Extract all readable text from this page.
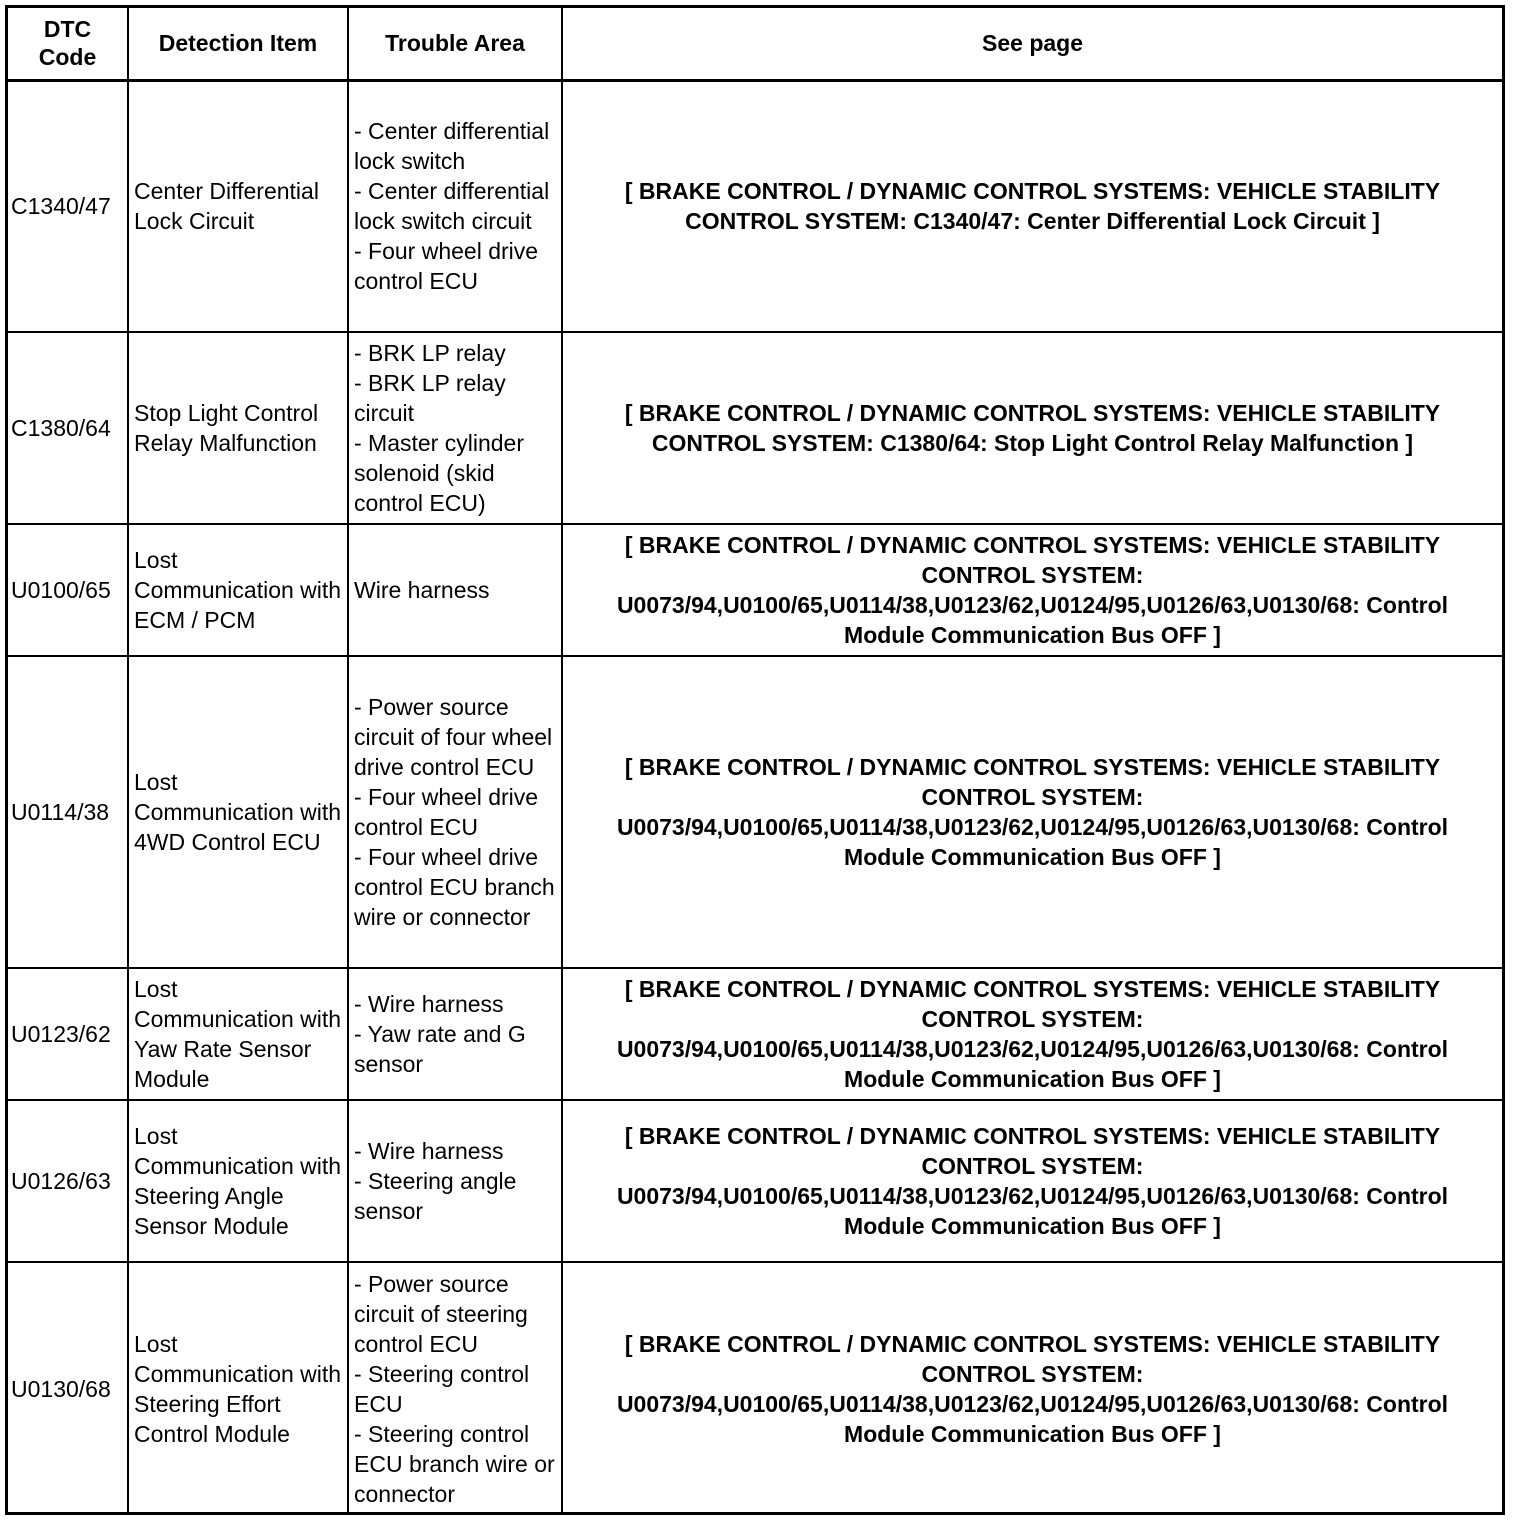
DTC
Code	Detection Item	Trouble Area	See page
C1340/47	Center Differential Lock Circuit	- Center differential lock switch
- Center differential lock switch circuit
- Four wheel drive control ECU	[ BRAKE CONTROL / DYNAMIC CONTROL SYSTEMS: VEHICLE STABILITY CONTROL SYSTEM: C1340/47: Center Differential Lock Circuit ]
C1380/64	Stop Light Control Relay Malfunction	- BRK LP relay
- BRK LP relay circuit
- Master cylinder solenoid (skid control ECU)	[ BRAKE CONTROL / DYNAMIC CONTROL SYSTEMS: VEHICLE STABILITY CONTROL SYSTEM: C1380/64: Stop Light Control Relay Malfunction ]
U0100/65	Lost Communication with ECM / PCM	Wire harness	[ BRAKE CONTROL / DYNAMIC CONTROL SYSTEMS: VEHICLE STABILITY CONTROL SYSTEM: U0073/94,U0100/65,U0114/38,U0123/62,U0124/95,U0126/63,U0130/68: Control Module Communication Bus OFF ]
U0114/38	Lost Communication with 4WD Control ECU	- Power source circuit of four wheel drive control ECU
- Four wheel drive control ECU
- Four wheel drive control ECU branch wire or connector	[ BRAKE CONTROL / DYNAMIC CONTROL SYSTEMS: VEHICLE STABILITY CONTROL SYSTEM: U0073/94,U0100/65,U0114/38,U0123/62,U0124/95,U0126/63,U0130/68: Control Module Communication Bus OFF ]
U0123/62	Lost Communication with Yaw Rate Sensor Module	- Wire harness
- Yaw rate and G sensor	[ BRAKE CONTROL / DYNAMIC CONTROL SYSTEMS: VEHICLE STABILITY CONTROL SYSTEM: U0073/94,U0100/65,U0114/38,U0123/62,U0124/95,U0126/63,U0130/68: Control Module Communication Bus OFF ]
U0126/63	Lost Communication with Steering Angle Sensor Module	- Wire harness
- Steering angle sensor	[ BRAKE CONTROL / DYNAMIC CONTROL SYSTEMS: VEHICLE STABILITY CONTROL SYSTEM: U0073/94,U0100/65,U0114/38,U0123/62,U0124/95,U0126/63,U0130/68: Control Module Communication Bus OFF ]
U0130/68	Lost Communication with Steering Effort Control Module	- Power source circuit of steering control ECU
- Steering control ECU
- Steering control ECU branch wire or connector	[ BRAKE CONTROL / DYNAMIC CONTROL SYSTEMS: VEHICLE STABILITY CONTROL SYSTEM: U0073/94,U0100/65,U0114/38,U0123/62,U0124/95,U0126/63,U0130/68: Control Module Communication Bus OFF ]
